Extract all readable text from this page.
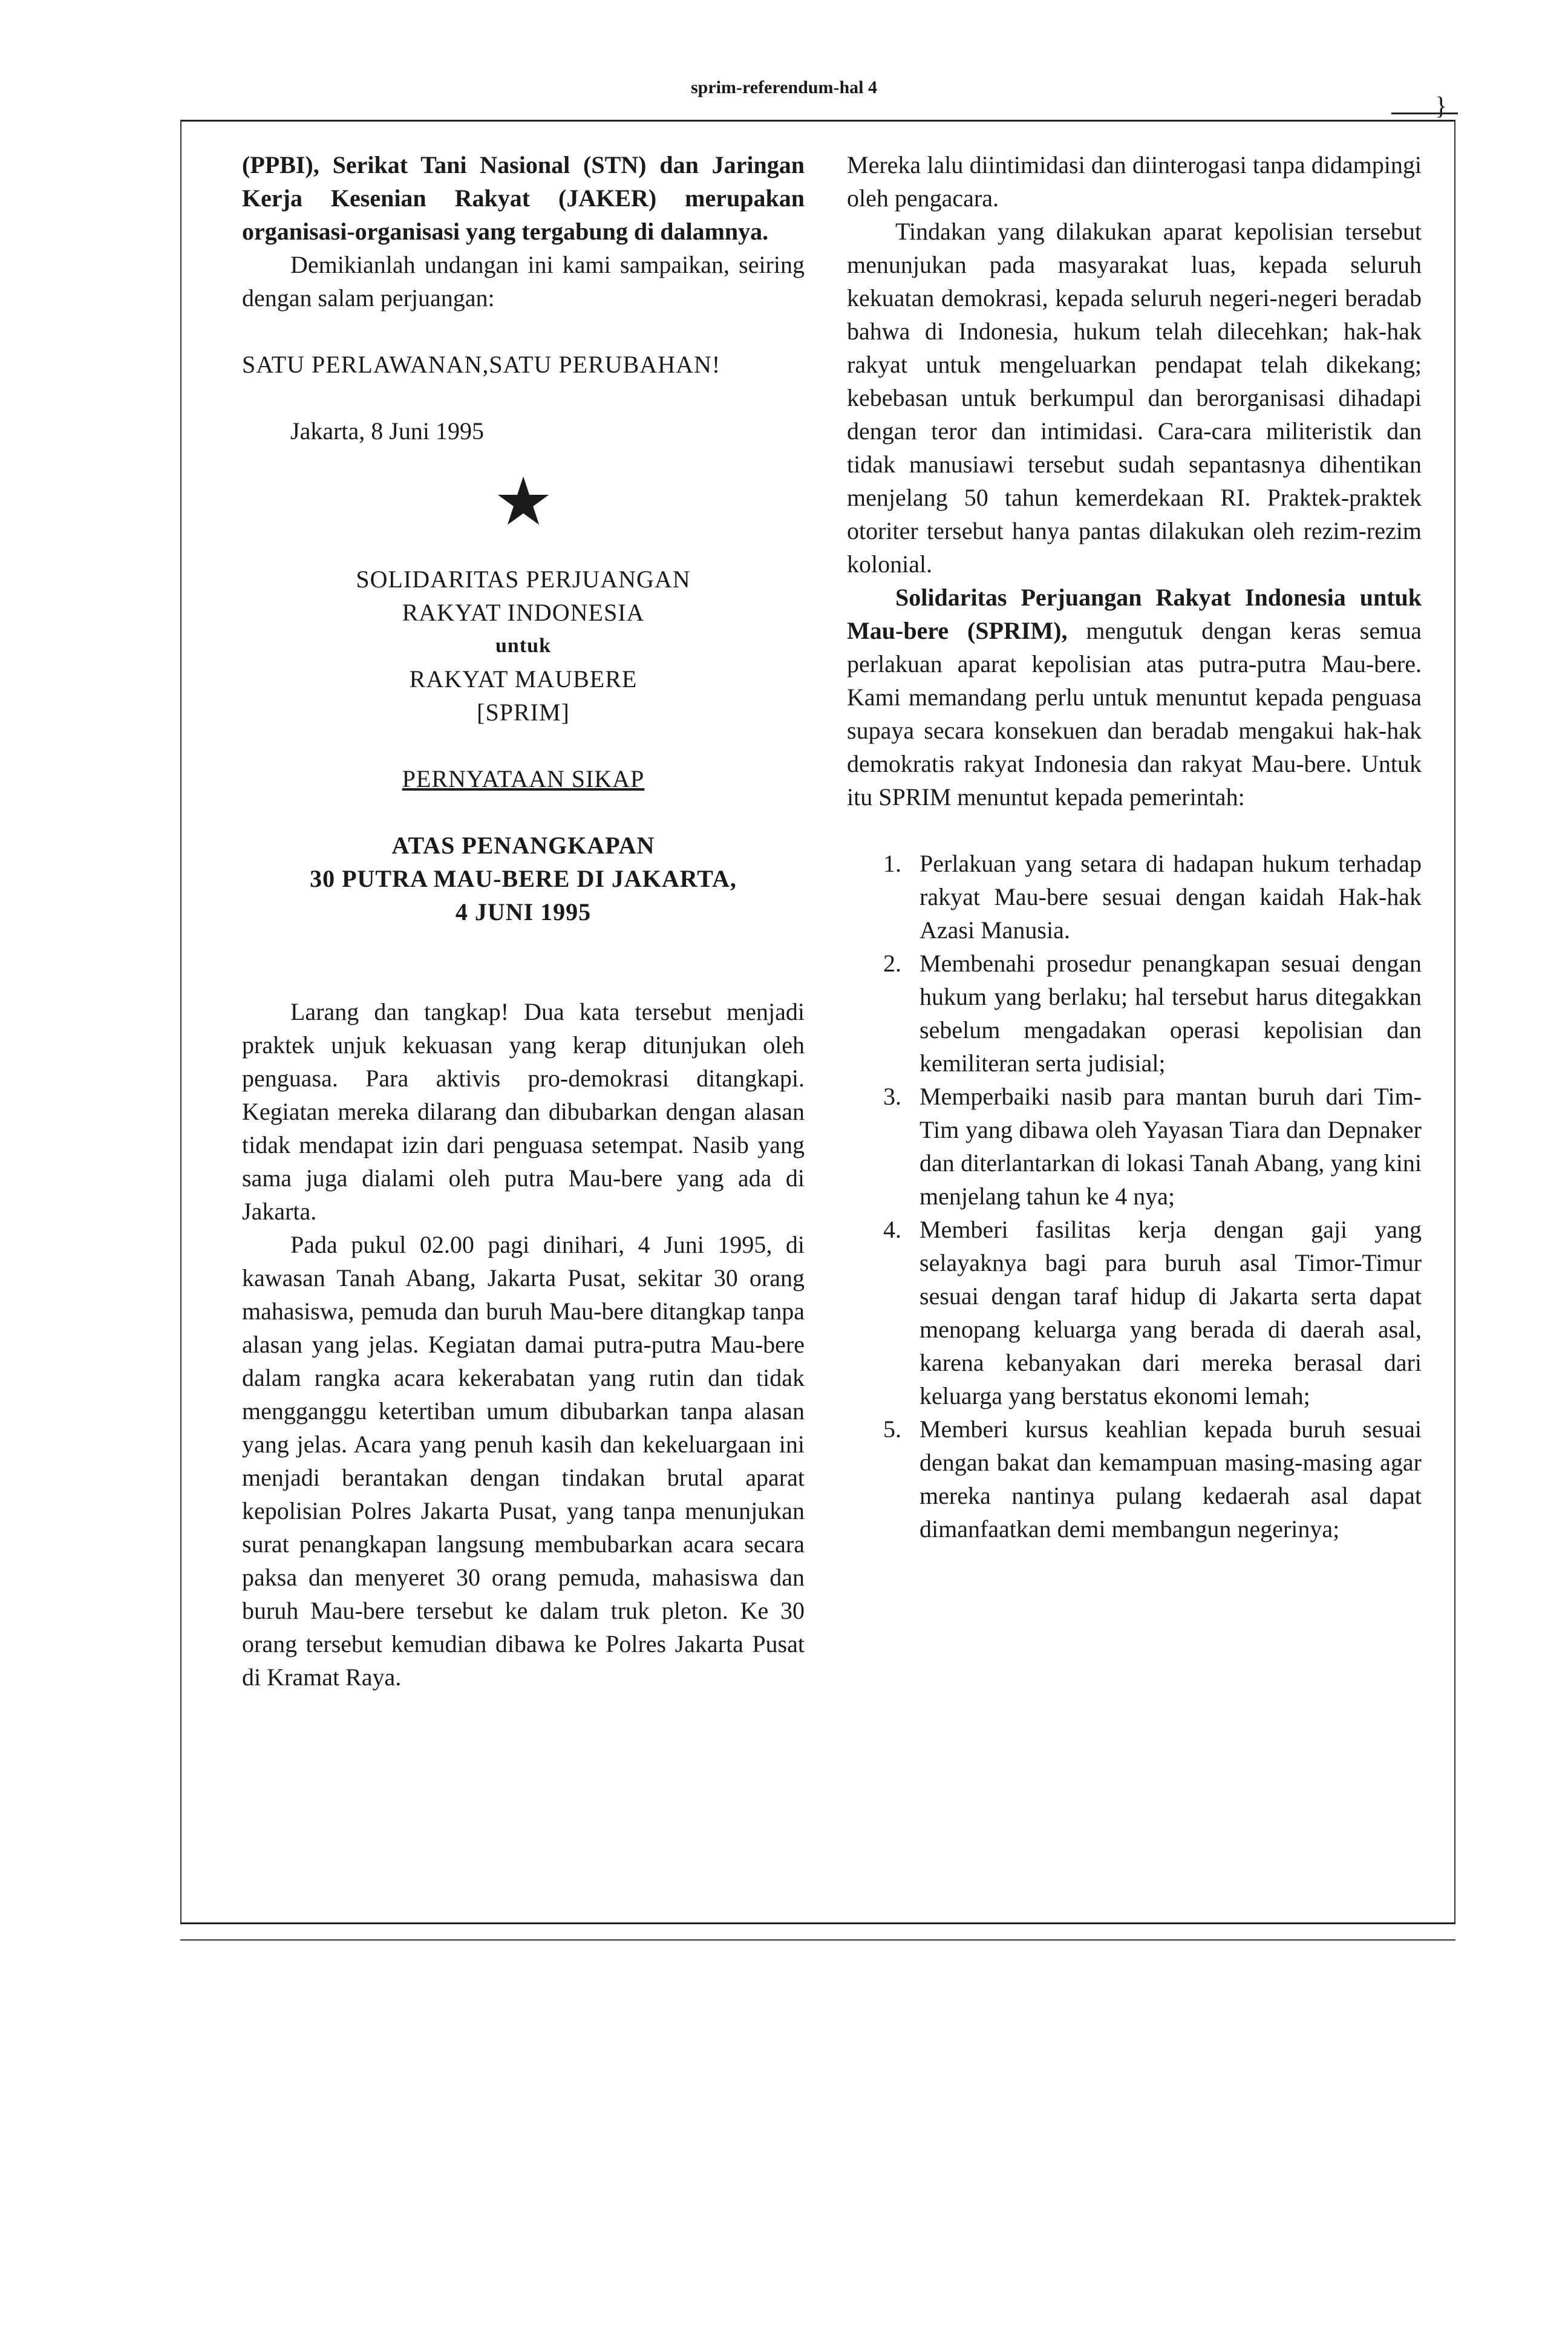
sprim-referendum-hal 4
}

(PPBI), Serikat Tani Nasional (STN) dan Jaringan Kerja Kesenian Rakyat (JAKER) merupakan organisasi-organisasi yang tergabung di dalamnya.

Demikianlah undangan ini kami sampaikan, seiring dengan salam perjuangan:

SATU PERLAWANAN,SATU PERUBAHAN!

Jakarta, 8 Juni 1995

★

SOLIDARITAS PERJUANGAN
RAKYAT INDONESIA
untuk
RAKYAT MAUBERE
[SPRIM]

PERNYATAAN SIKAP

ATAS PENANGKAPAN
30 PUTRA MAU-BERE DI JAKARTA,
4 JUNI 1995

Larang dan tangkap! Dua kata tersebut menjadi praktek unjuk kekuasan yang kerap ditunjukan oleh penguasa. Para aktivis pro-demokrasi ditangkapi. Kegiatan mereka dilarang dan dibubarkan dengan alasan tidak mendapat izin dari penguasa setempat. Nasib yang sama juga dialami oleh putra Mau-bere yang ada di Jakarta.

Pada pukul 02.00 pagi dinihari, 4 Juni 1995, di kawasan Tanah Abang, Jakarta Pusat, sekitar 30 orang mahasiswa, pemuda dan buruh Mau-bere ditangkap tanpa alasan yang jelas. Kegiatan damai putra-putra Mau-bere dalam rangka acara kekerabatan yang rutin dan tidak mengganggu ketertiban umum dibubarkan tanpa alasan yang jelas. Acara yang penuh kasih dan kekeluargaan ini menjadi berantakan dengan tindakan brutal aparat kepolisian Polres Jakarta Pusat, yang tanpa menunjukan surat penangkapan langsung membubarkan acara secara paksa dan menyeret 30 orang pemuda, mahasiswa dan buruh Mau-bere tersebut ke dalam truk pleton. Ke 30 orang tersebut kemudian dibawa ke Polres Jakarta Pusat di Kramat Raya.

Mereka lalu diintimidasi dan diinterogasi tanpa didampingi oleh pengacara.

Tindakan yang dilakukan aparat kepolisian tersebut menunjukan pada masyarakat luas, kepada seluruh kekuatan demokrasi, kepada seluruh negeri-negeri beradab bahwa di Indonesia, hukum telah dilecehkan; hak-hak rakyat untuk mengeluarkan pendapat telah dikekang; kebebasan untuk berkumpul dan berorganisasi dihadapi dengan teror dan intimidasi. Cara-cara militeristik dan tidak manusiawi tersebut sudah sepantasnya dihentikan menjelang 50 tahun kemerdekaan RI. Praktek-praktek otoriter tersebut hanya pantas dilakukan oleh rezim-rezim kolonial.

Solidaritas Perjuangan Rakyat Indonesia untuk Mau-bere (SPRIM), mengutuk dengan keras semua perlakuan aparat kepolisian atas putra-putra Mau-bere. Kami memandang perlu untuk menuntut kepada penguasa supaya secara konsekuen dan beradab mengakui hak-hak demokratis rakyat Indonesia dan rakyat Mau-bere. Untuk itu SPRIM menuntut kepada pemerintah:

1. Perlakuan yang setara di hadapan hukum terhadap rakyat Mau-bere sesuai dengan kaidah Hak-hak Azasi Manusia.
2. Membenahi prosedur penangkapan sesuai dengan hukum yang berlaku; hal tersebut harus ditegakkan sebelum mengadakan operasi kepolisian dan kemiliteran serta judisial;
3. Memperbaiki nasib para mantan buruh dari Tim-Tim yang dibawa oleh Yayasan Tiara dan Depnaker dan diterlantarkan di lokasi Tanah Abang, yang kini menjelang tahun ke 4 nya;
4. Memberi fasilitas kerja dengan gaji yang selayaknya bagi para buruh asal Timor-Timur sesuai dengan taraf hidup di Jakarta serta dapat menopang keluarga yang berada di daerah asal, karena kebanyakan dari mereka berasal dari keluarga yang berstatus ekonomi lemah;
5. Memberi kursus keahlian kepada buruh sesuai dengan bakat dan kemampuan masing-masing agar mereka nantinya pulang kedaerah asal dapat dimanfaatkan demi membangun negerinya;
